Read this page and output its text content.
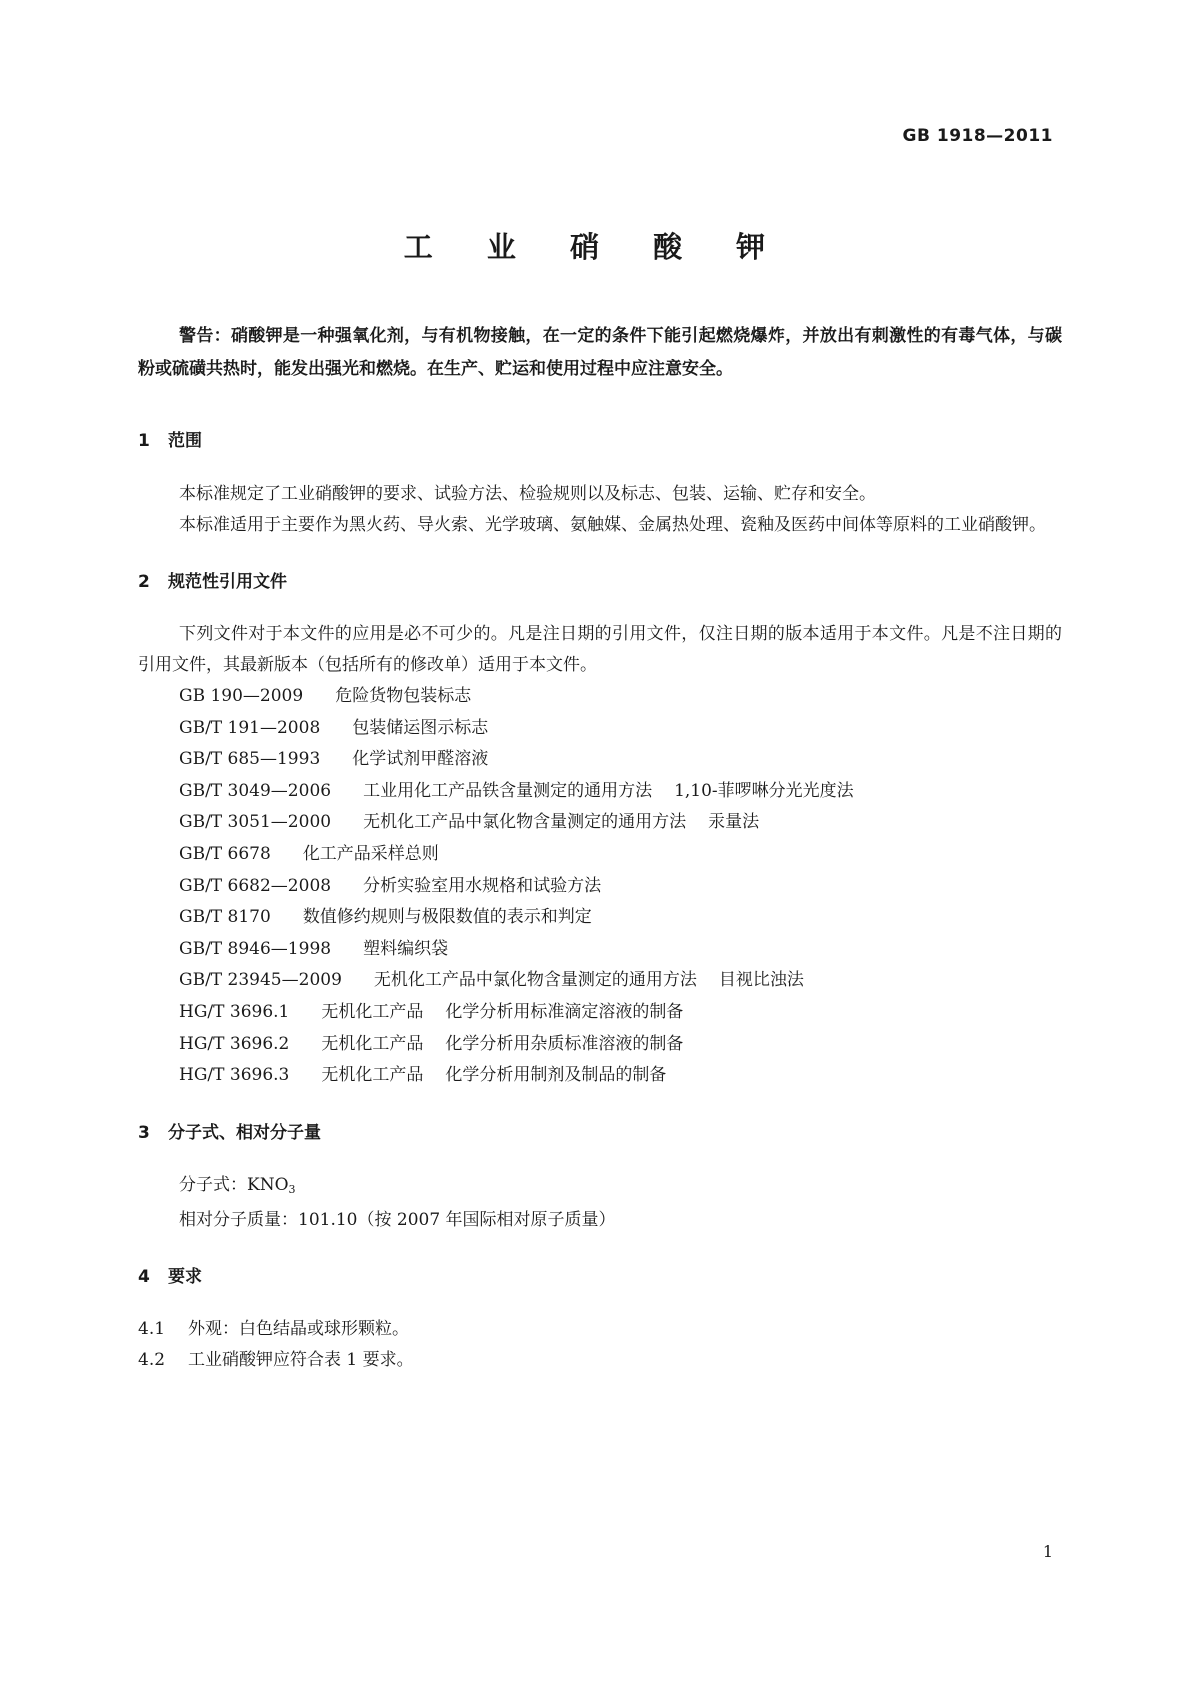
GB 1918—2011
工 业 硝 酸 钾

警告：硝酸钾是一种强氧化剂，与有机物接触，在一定的条件下能引起燃烧爆炸，并放出有刺激性的有毒气体，与碳粉或硫磺共热时，能发出强光和燃烧。在生产、贮运和使用过程中应注意安全。

1 范围

本标准规定了工业硝酸钾的要求、试验方法、检验规则以及标志、包装、运输、贮存和安全。

本标准适用于主要作为黑火药、导火索、光学玻璃、氨触媒、金属热处理、瓷釉及医药中间体等原料的工业硝酸钾。

2 规范性引用文件

下列文件对于本文件的应用是必不可少的。凡是注日期的引用文件，仅注日期的版本适用于本文件。凡是不注日期的引用文件，其最新版本（包括所有的修改单）适用于本文件。

GB 190—2009 危险货物包装标志

GB/T 191—2008 包装储运图示标志

GB/T 685—1993 化学试剂甲醛溶液

GB/T 3049—2006 工业用化工产品铁含量测定的通用方法 1,10-菲啰啉分光光度法

GB/T 3051—2000 无机化工产品中氯化物含量测定的通用方法 汞量法

GB/T 6678 化工产品采样总则

GB/T 6682—2008 分析实验室用水规格和试验方法

GB/T 8170 数值修约规则与极限数值的表示和判定

GB/T 8946—1998 塑料编织袋

GB/T 23945—2009 无机化工产品中氯化物含量测定的通用方法 目视比浊法

HG/T 3696.1 无机化工产品 化学分析用标准滴定溶液的制备

HG/T 3696.2 无机化工产品 化学分析用杂质标准溶液的制备

HG/T 3696.3 无机化工产品 化学分析用制剂及制品的制备

3 分子式、相对分子量

分子式：$KNO_3$

相对分子质量：101.10（按 2007 年国际相对原子质量）

4 要求

4.1 外观：白色结晶或球形颗粒。

4.2 工业硝酸钾应符合表 1 要求。

1
